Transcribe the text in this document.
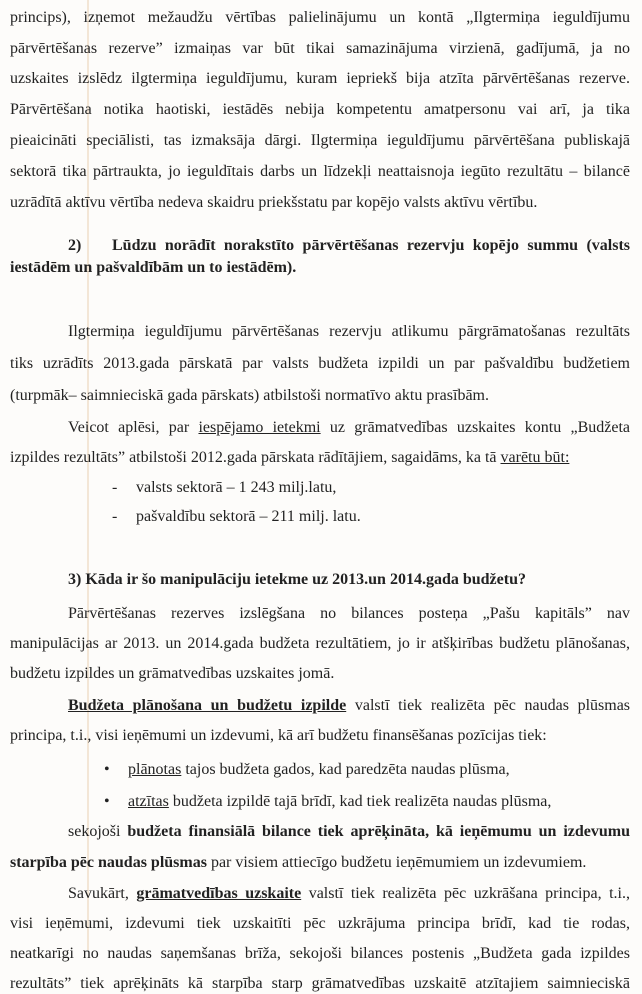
princips), izņemot mežaudžu vērtības palielinājumu un kontā „Ilgtermiņa ieguldījumu
pārvērtēšanas rezerve” izmaiņas var būt tikai samazinājuma virzienā, gadījumā, ja no
uzskaites izslēdz ilgtermiņa ieguldījumu, kuram iepriekš bija atzīta pārvērtēšanas rezerve.
Pārvērtēšana notika haotiski, iestādēs nebija kompetentu amatpersonu vai arī, ja tika
pieaicināti speciālisti, tas izmaksāja dārgi. Ilgtermiņa ieguldījumu pārvērtēšana publiskajā
sektorā tika pārtraukta, jo ieguldītais darbs un līdzekļi neattaisnoja iegūto rezultātu – bilancē
uzrādītā aktīvu vērtība nedeva skaidru priekšstatu par kopējo valsts aktīvu vērtību.
2)	Lūdzu norādīt norakstīto pārvērtēšanas rezervju kopējo summu (valsts
iestādēm un pašvaldībām un to iestādēm).
Ilgtermiņa ieguldījumu pārvērtēšanas rezervju atlikumu pārgrāmatošanas rezultāts
tiks uzrādīts 2013.gada pārskatā par valsts budžeta izpildi un par pašvaldību budžetiem
(turpmāk– saimnieciskā gada pārskats) atbilstoši normatīvo aktu prasībām.
Veicot aplēsi, par iespējamo ietekmi uz grāmatvedības uzskaites kontu „Budžeta
izpildes rezultāts” atbilstoši 2012.gada pārskata rādītājiem, sagaidāms, ka tā varētu būt:
- valsts sektorā – 1 243 milj.latu,
- pašvaldību sektorā – 211 milj. latu.
3) Kāda ir šo manipulāciju ietekme uz 2013.un 2014.gada budžetu?
Pārvērtēšanas rezerves izslēgšana no bilances posteņa „Pašu kapitāls” nav
manipulācijas ar 2013. un 2014.gada budžeta rezultātiem, jo ir atšķirības budžetu plānošanas,
budžetu izpildes un grāmatvedības uzskaites jomā.
Budžeta plānošana un budžetu izpilde valstī tiek realizēta pēc naudas plūsmas
principa, t.i., visi ieņēmumi un izdevumi, kā arī budžetu finansēšanas pozīcijas tiek:
• plānotas tajos budžeta gados, kad paredzēta naudas plūsma,
• atzītas budžeta izpildē tajā brīdī, kad tiek realizēta naudas plūsma,
sekojoši budžeta finansiālā bilance tiek aprēķināta, kā ieņēmumu un izdevumu
starpība pēc naudas plūsmas par visiem attiecīgo budžetu ieņēmumiem un izdevumiem.
Savukārt, grāmatvedības uzskaite valstī tiek realizēta pēc uzkrāšana principa, t.i.,
visi ieņēmumi, izdevumi tiek uzskaitīti pēc uzkrājuma principa brīdī, kad tie rodas,
neatkarīgi no naudas saņemšanas brīža, sekojoši bilances postenis „Budžeta gada izpildes
rezultāts” tiek aprēķināts kā starpība starp grāmatvedības uzskaitē atzītajiem saimnieciskā
